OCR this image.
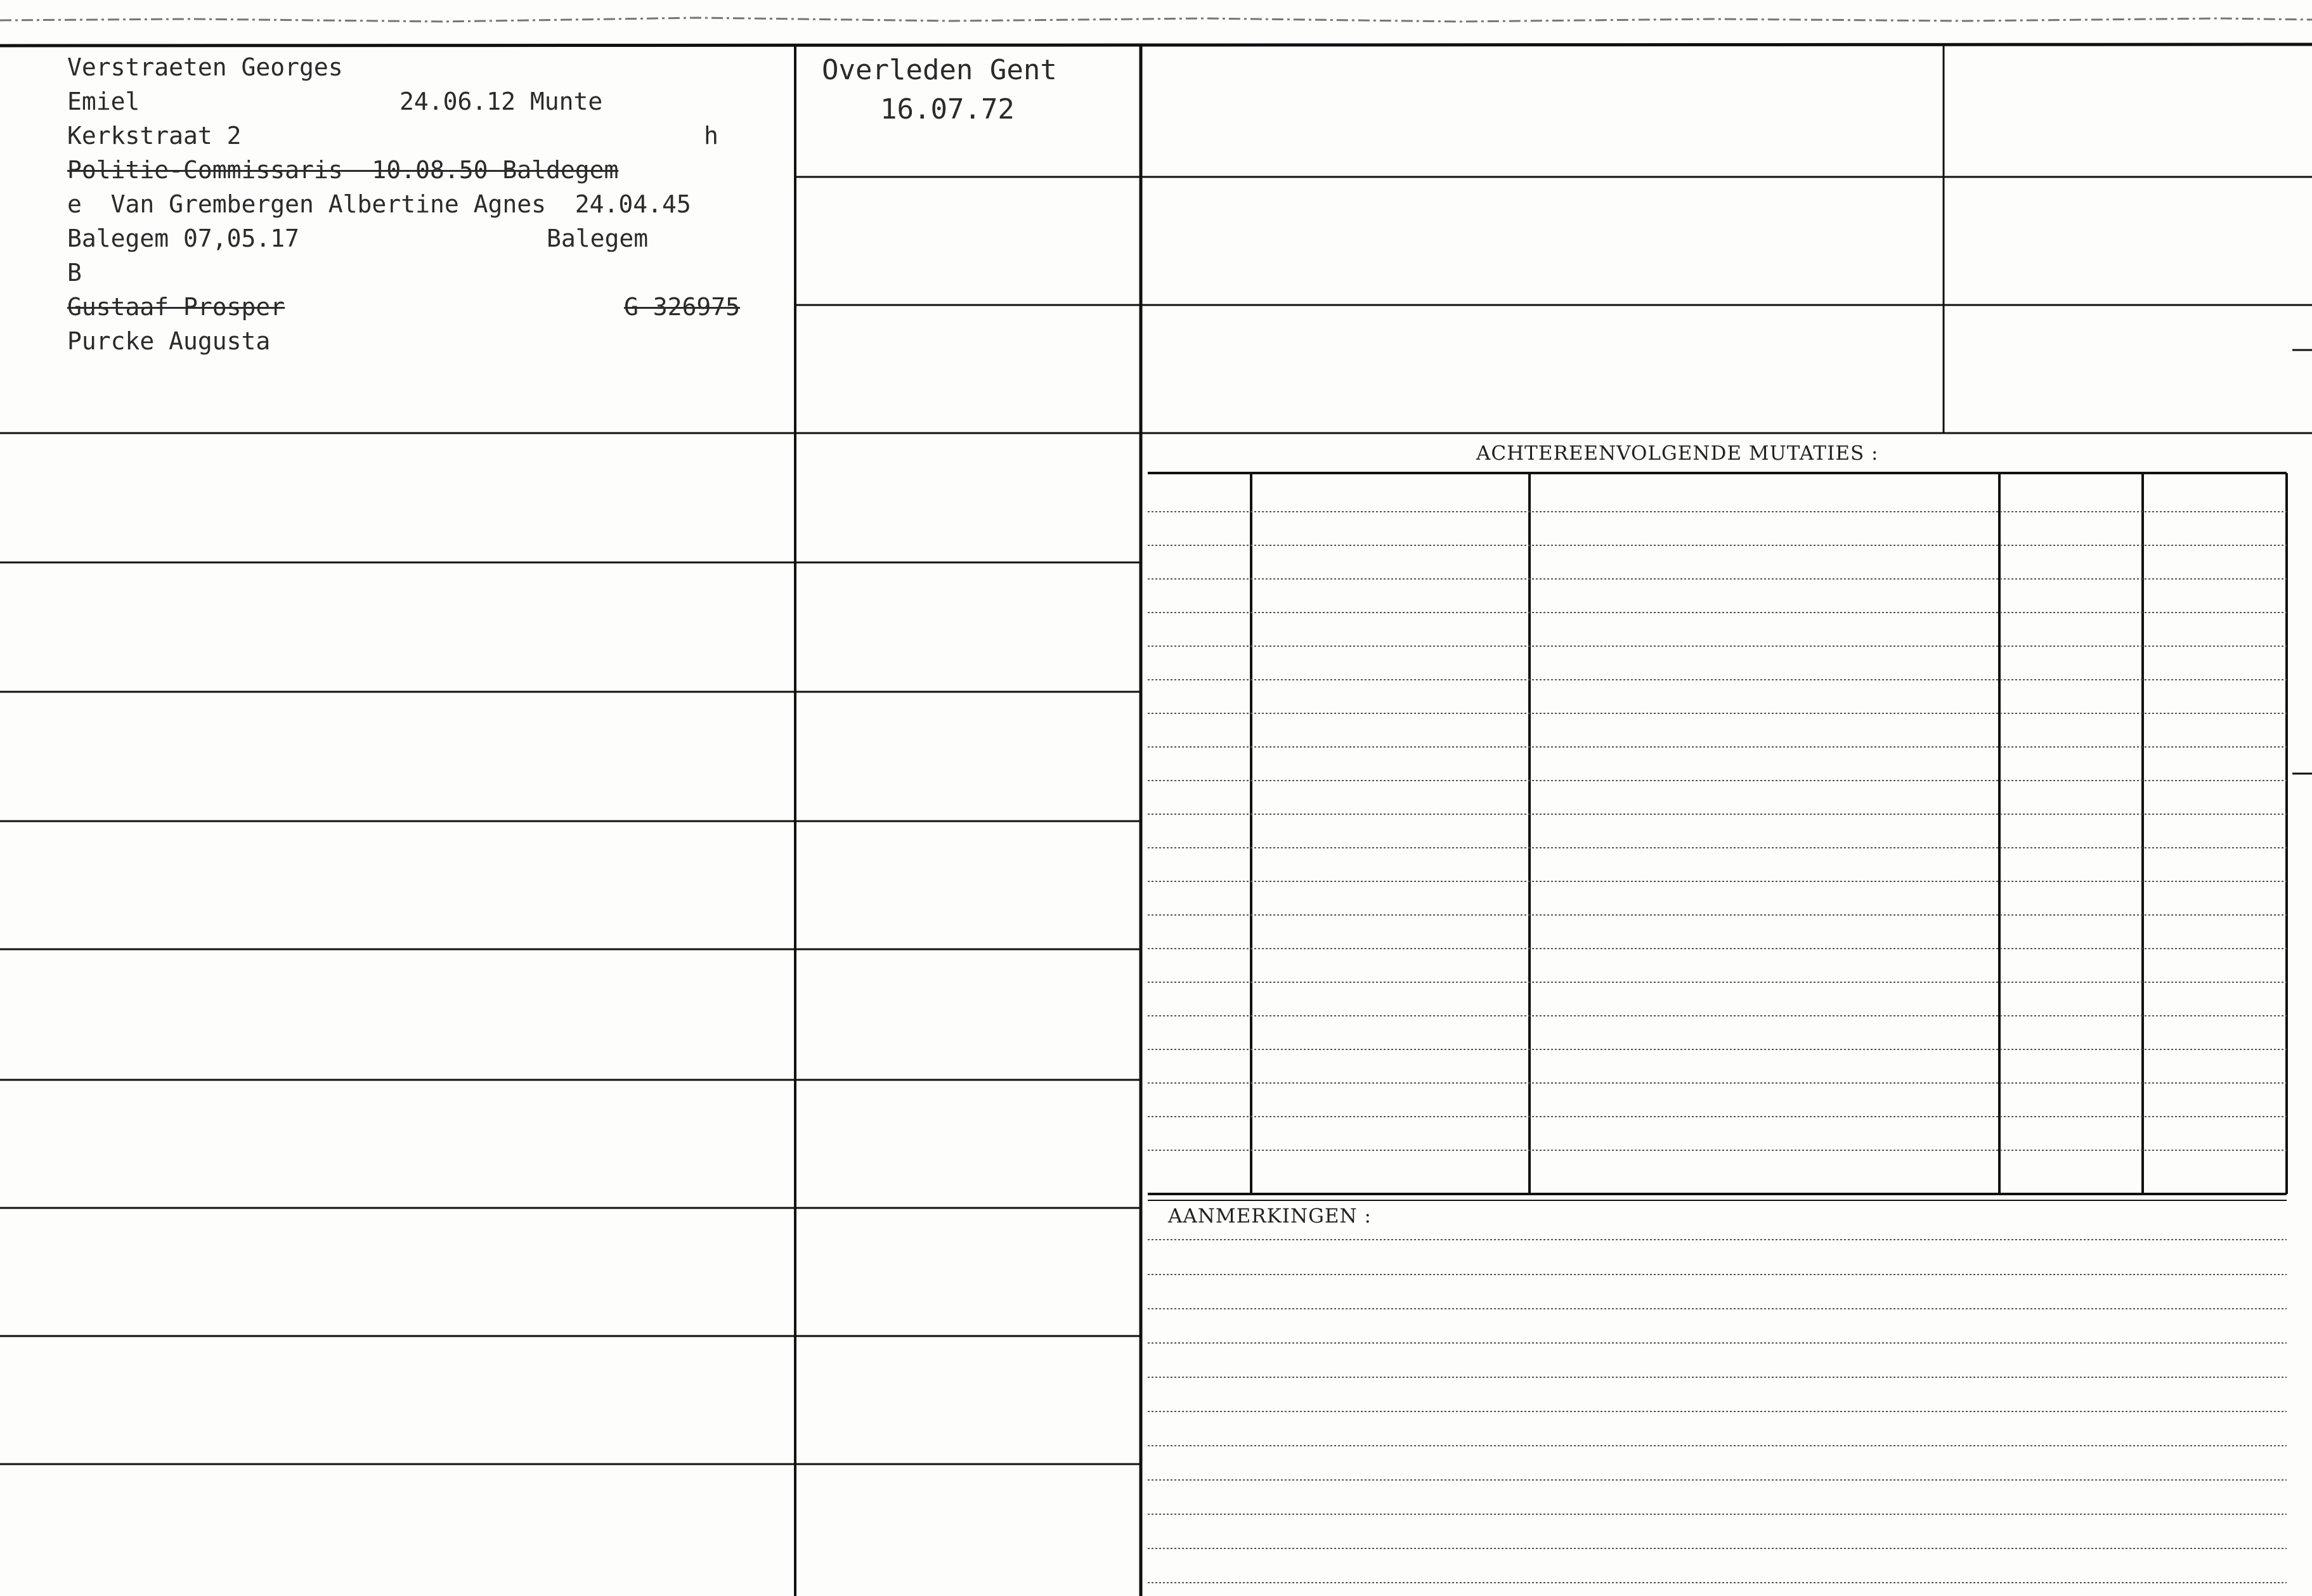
Verstraeten Georges
Emiel	24.06.12 Munte
Kerkstraat 2	h
Politie-Commissaris  10.08.50 Baldegem
e  Van Grembergen Albertine Agnes  24.04.45
Balegem 07,05.17	Balegem
B
Gustaaf Prosper	G 326975
Purcke Augusta
Overleden Gent
16.07.72
ACHTEREENVOLGENDE MUTATIES :
AANMERKINGEN :
